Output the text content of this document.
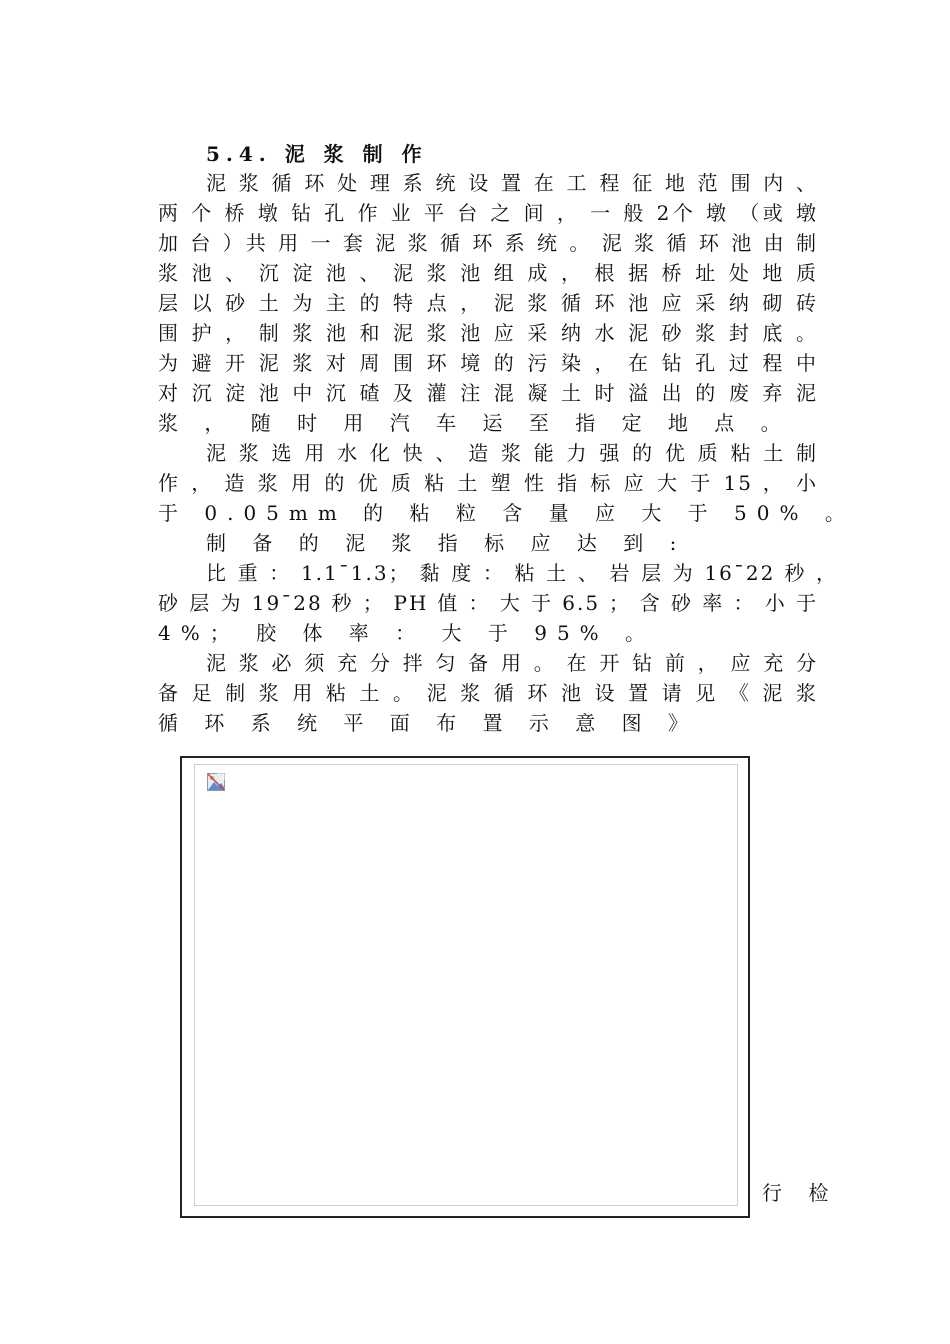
5.4. 泥 浆 制 作
泥 浆 循 环 处 理 系 统 设 置 在 工 程 征 地 范 围 内 、
两 个 桥 墩 钻 孔 作 业 平 台 之 间 ， 一 般 2个 墩 （或 墩
加 台 ）共 用 一 套 泥 浆 循 环 系 统 。 泥 浆 循 环 池 由 制
浆 池 、 沉 淀 池 、 泥 浆 池 组 成 ， 根 据 桥 址 处 地 质
层 以 砂 土 为 主 的 特 点 ， 泥 浆 循 环 池 应 采 纳 砌 砖
围 护 ， 制 浆 池 和 泥 浆 池 应 采 纳 水 泥 砂 浆 封 底 。
为 避 开 泥 浆 对 周 围 环 境 的 污 染 ， 在 钻 孔 过 程 中
对 沉 淀 池 中 沉 碴 及 灌 注 混 凝 土 时 溢 出 的 废 弃 泥
浆 ， 随 时 用 汽 车 运 至 指 定 地 点 。
泥 浆 选 用 水 化 快 、 造 浆 能 力 强 的 优 质 粘 土 制
作 ， 造 浆 用 的 优 质 粘 土 塑 性 指 标 应 大 于 15 ， 小
于 0.05mm 的 粘 粒 含 量 应 大 于 50% 。
制 备 的 泥 浆 指 标 应 达 到 :
比 重 ： 1.1¯1.3； 黏 度 ： 粘 土 、 岩 层 为 16¯22 秒 ，
砂 层 为 19¯28 秒 ； PH 值 ： 大 于 6.5 ； 含 砂 率 ： 小 于
4%； 胶 体 率 ： 大 于 95% 。
泥 浆 必 须 充 分 拌 匀 备 用 。 在 开 钻 前 ， 应 充 分
备 足 制 浆 用 粘 土 。 泥 浆 循 环 池 设 置 请 见 《 泥 浆
循 环 系 统 平 面 布 置 示 意 图 》
行 检
